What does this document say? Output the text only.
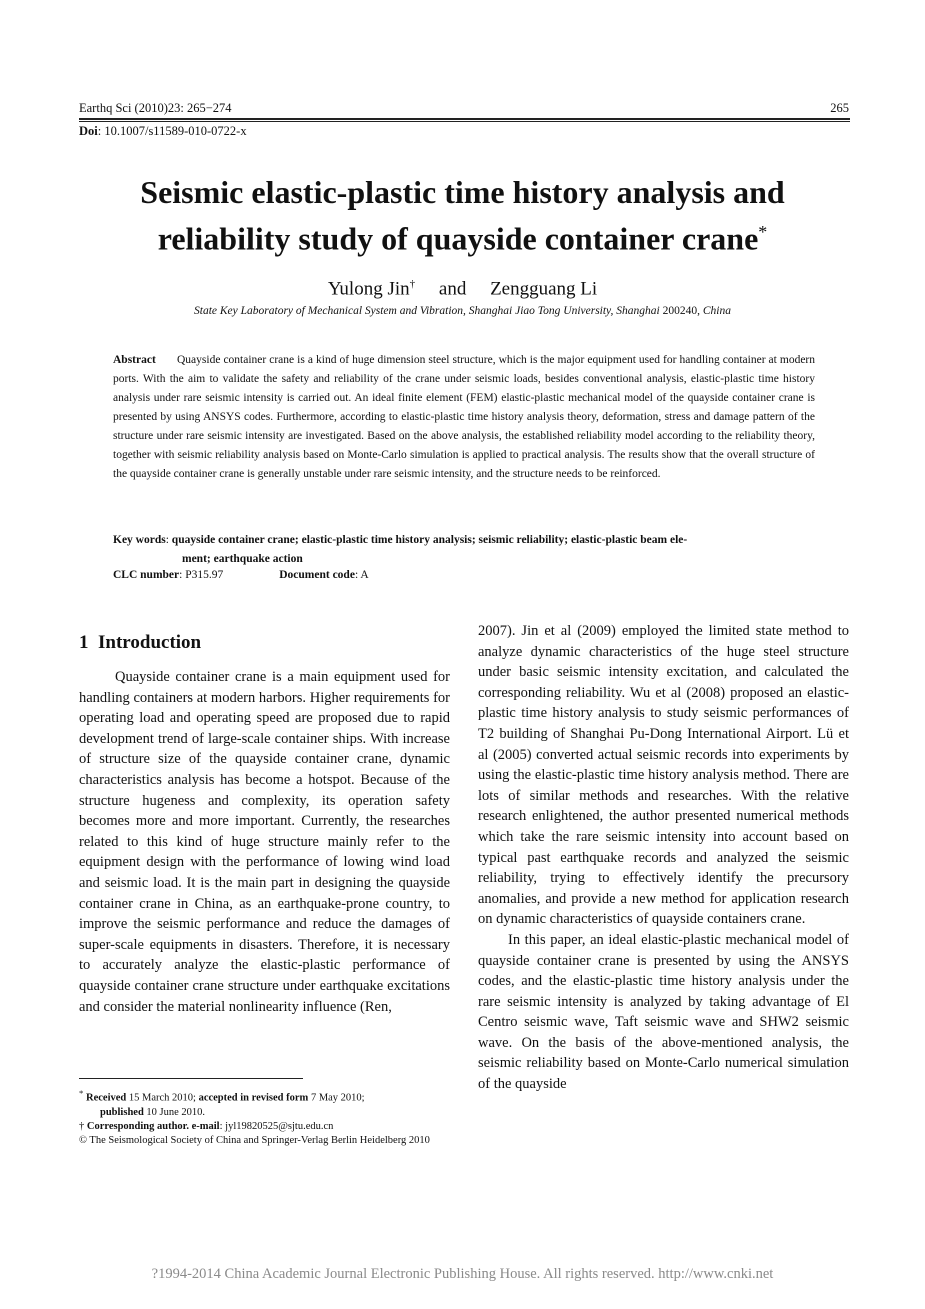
Earthq Sci (2010)23: 265−274	265
Doi: 10.1007/s11589-010-0722-x
Seismic elastic-plastic time history analysis and
reliability study of quayside container crane*
Yulong Jin† and Zengguang Li
State Key Laboratory of Mechanical System and Vibration, Shanghai Jiao Tong University, Shanghai 200240, China

Abstract Quayside container crane is a kind of huge dimension steel structure, which is the major equipment used for handling container at modern ports. With the aim to validate the safety and reliability of the crane under seismic loads, besides conventional analysis, elastic-plastic time history analysis under rare seismic intensity is carried out. An ideal finite element (FEM) elastic-plastic mechanical model of the quayside container crane is presented by using ANSYS codes. Furthermore, according to elastic-plastic time history analysis theory, deformation, stress and damage pattern of the structure under rare seismic intensity are investigated. Based on the above analysis, the established reliability model according to the reliability theory, together with seismic reliability analysis based on Monte-Carlo simulation is applied to practical analysis. The results show that the overall structure of the quayside container crane is generally unstable under rare seismic intensity, and the structure needs to be reinforced.

Key words: quayside container crane; elastic-plastic time history analysis; seismic reliability; elastic-plastic beam ele-
ment; earthquake action

CLC number: P315.97	Document code: A
1 Introduction

Quayside container crane is a main equipment used for handling containers at modern harbors. Higher requirements for operating load and operating speed are proposed due to rapid development trend of large-scale container ships. With increase of structure size of the quayside container crane, dynamic characteristics analysis has become a hotspot. Because of the structure hugeness and complexity, its operation safety becomes more and more important. Currently, the researches related to this kind of huge structure mainly refer to the equipment design with the performance of lowing wind load and seismic load. It is the main part in designing the quayside container crane in China, as an earthquake-prone country, to improve the seismic performance and reduce the damages of super-scale equipments in disasters. Therefore, it is necessary to accurately analyze the elastic-plastic performance of quayside container crane structure under earthquake excitations and consider the material nonlinearity influence (Ren,

2007). Jin et al (2009) employed the limited state method to analyze dynamic characteristics of the huge steel structure under basic seismic intensity excitation, and calculated the corresponding reliability. Wu et al (2008) proposed an elastic-plastic time history analysis to study seismic performances of T2 building of Shanghai Pu-Dong International Airport. Lü et al (2005) converted actual seismic records into experiments by using the elastic-plastic time history analysis method. There are lots of similar methods and researches. With the relative research enlightened, the author presented numerical methods which take the rare seismic intensity into account based on typical past earthquake records and analyzed the seismic reliability, trying to effectively identify the precursory anomalies, and provide a new method for application research on dynamic characteristics of quayside containers crane.

In this paper, an ideal elastic-plastic mechanical model of quayside container crane is presented by using the ANSYS codes, and the elastic-plastic time history analysis under the rare seismic intensity is analyzed by taking advantage of El Centro seismic wave, Taft seismic wave and SHW2 seismic wave. On the basis of the above-mentioned analysis, the seismic reliability based on Monte-Carlo numerical simulation of the quayside

* Received 15 March 2010; accepted in revised form 7 May 2010;
published 10 June 2010.
† Corresponding author. e-mail: jyl19820525@sjtu.edu.cn
© The Seismological Society of China and Springer-Verlag Berlin Heidelberg 2010
?1994-2014 China Academic Journal Electronic Publishing House. All rights reserved. http://www.cnki.net
